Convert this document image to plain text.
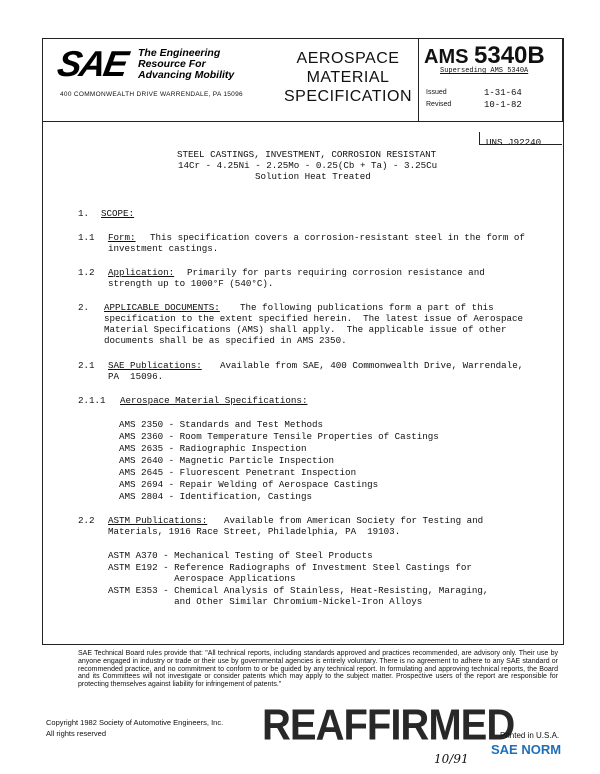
SAE The Engineering
Resource For
Advancing Mobility
400 COMMONWEALTH DRIVE WARRENDALE, PA 15096
AEROSPACE
MATERIAL
SPECIFICATION
AMS 5340B
Superseding AMS 5340A
Issued	1-31-64
Revised	10-1-82
UNS J92240
STEEL CASTINGS, INVESTMENT, CORROSION RESISTANT
14Cr - 4.25Ni - 2.25Mo - 0.25(Cb + Ta) - 3.25Cu
Solution Heat Treated
1. SCOPE:
1.1 Form: This specification covers a corrosion-resistant steel in the form of
investment castings.
1.2 Application: Primarily for parts requiring corrosion resistance and
strength up to 1000°F (540°C).
2. APPLICABLE DOCUMENTS: The following publications form a part of this
specification to the extent specified herein.  The latest issue of Aerospace
Material Specifications (AMS) shall apply.  The applicable issue of other
documents shall be as specified in AMS 2350.
2.1 SAE Publications: Available from SAE, 400 Commonwealth Drive, Warrendale,
PA  15096.
2.1.1 Aerospace Material Specifications:
AMS 2350 - Standards and Test Methods
AMS 2360 - Room Temperature Tensile Properties of Castings
AMS 2635 - Radiographic Inspection
AMS 2640 - Magnetic Particle Inspection
AMS 2645 - Fluorescent Penetrant Inspection
AMS 2694 - Repair Welding of Aerospace Castings
AMS 2804 - Identification, Castings
2.2 ASTM Publications: Available from American Society for Testing and
Materials, 1916 Race Street, Philadelphia, PA  19103.
ASTM A370 - Mechanical Testing of Steel Products
ASTM E192 - Reference Radiographs of Investment Steel Castings for
Aerospace Applications
ASTM E353 - Chemical Analysis of Stainless, Heat-Resisting, Maraging,
and Other Similar Chromium-Nickel-Iron Alloys
SAE Technical Board rules provide that: "All technical reports, including standards approved and practices recommended, are advisory only. Their use by anyone engaged in industry or trade or their use by governmental agencies is entirely voluntary. There is no agreement to adhere to any SAE standard or recommended practice, and no commitment to conform to or be guided by any technical report. In formulating and approving technical reports, the Board and its Committees will not investigate or consider patents which may apply to the subject matter. Prospective users of the report are responsible for protecting themselves against liability for infringement of patents."
Copyright 1982 Society of Automotive Engineers, Inc.
All rights reserved	REAFFIRMED
Printed in U.S.A.
10/91
SAE NORM
